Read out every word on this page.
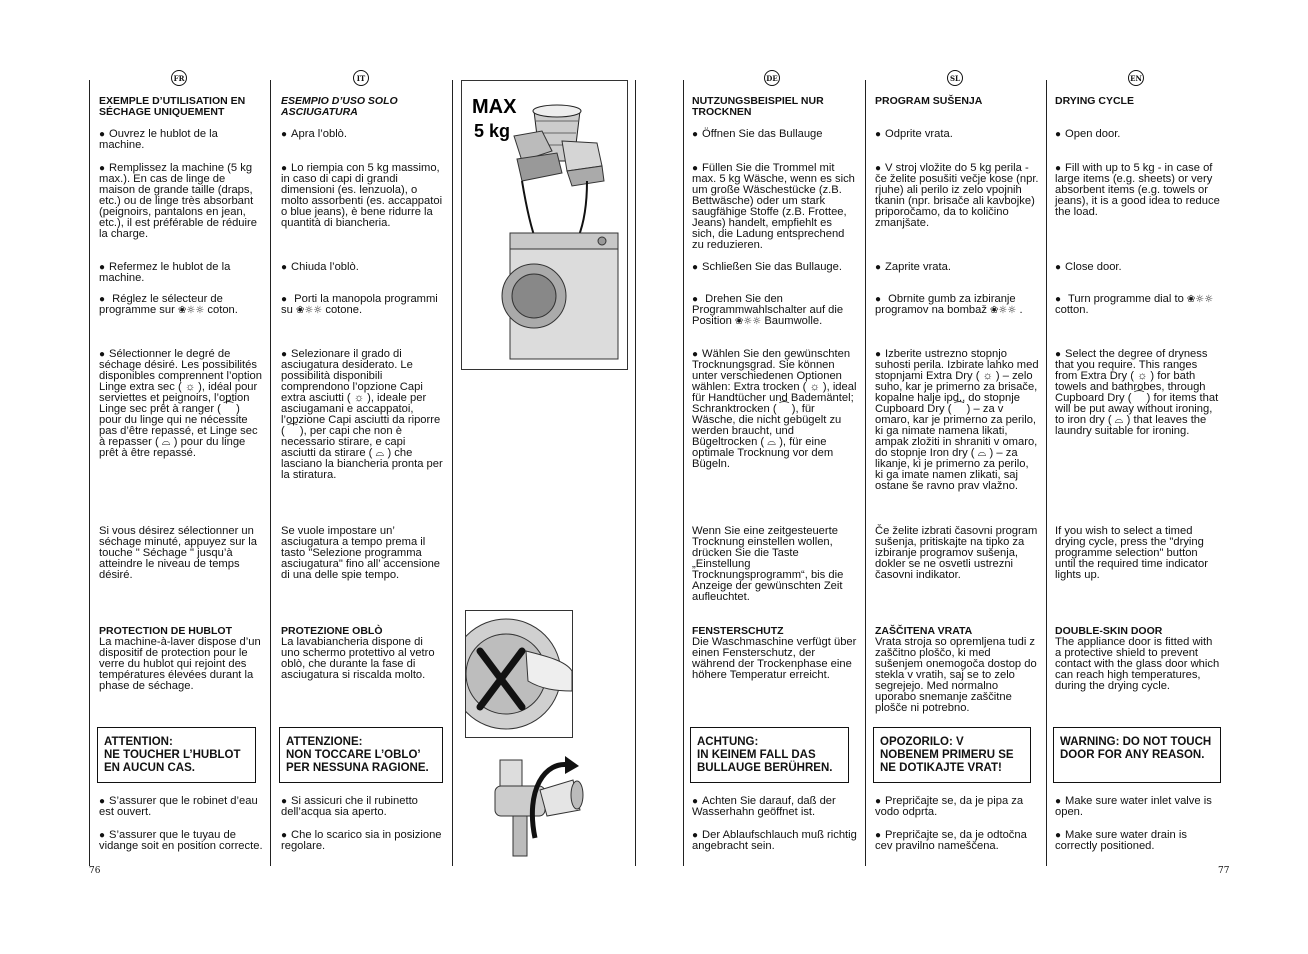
FR	IT	DE	SL	EN
76	77
EXEMPLE D’UTILISATION EN SÉCHAGE UNIQUEMENT
● Ouvrez le hublot de la machine.
● Remplissez la machine (5 kg max.). En cas de linge de maison de grande taille (draps, etc.) ou de linge très absorbant (peignoirs, pantalons en jean, etc.), il est préférable de réduire la charge.
● Refermez le hublot de la machine.
● Réglez le sélecteur de programme sur ❀☼☼ coton.
● Sélectionner le degré de séchage désiré. Les possibilités disponibles comprennent l’option Linge extra sec ( ☼ ), idéal pour serviettes et peignoirs, l’option Linge sec prêt à ranger ( ⁀ ) pour du linge qui ne nécessite pas d’être repassé, et Linge sec à repasser ( ⌓ ) pour du linge prêt à être repassé.
Si vous désirez sélectionner un séchage minuté, appuyez sur la touche " Séchage " jusqu’à atteindre le niveau de temps désiré.
PROTECTION DE HUBLOT
La machine-à-laver dispose d’un dispositif de protection pour le verre du hublot qui rejoint des températures élevées durant la phase de séchage.
ATTENTION:
NE TOUCHER L’HUBLOT EN AUCUN CAS.
● S’assurer que le robinet d’eau est ouvert.
● S’assurer que le tuyau de vidange soit en position correcte.
ESEMPIO D’USO SOLO ASCIUGATURA
● Apra l’oblò.
● Lo riempia con 5 kg massimo, in caso di capi di grandi dimensioni (es. lenzuola), o molto assorbenti (es. accappatoi o blue jeans), è bene ridurre la quantità di biancheria.
● Chiuda l’oblò.
● Porti la manopola programmi su ❀☼☼ cotone.
● Selezionare il grado di asciugatura desiderato. Le possibilità disponibili comprendono l’opzione Capi extra asciutti ( ☼ ), ideale per asciugamani e accappatoi, l’opzione Capi asciutti da riporre ( ⁀ ), per capi che non è necessario stirare, e capi asciutti da stirare ( ⌓ ) che lasciano la biancheria pronta per la stiratura.
Se vuole impostare un’ asciugatura a tempo prema il tasto "Selezione programma asciugatura" fino all’ accensione di una delle spie tempo.
PROTEZIONE OBLÒ
La lavabiancheria dispone di uno schermo protettivo al vetro oblò, che durante la fase di asciugatura si riscalda molto.
ATTENZIONE:
NON TOCCARE L’OBLO’ PER NESSUNA RAGIONE.
● Si assicuri che il rubinetto dell’acqua sia aperto.
● Che lo scarico sia in posizione regolare.
MAX
5 kg
NUTZUNGSBEISPIEL NUR TROCKNEN
● Öffnen Sie das Bullauge
● Füllen Sie die Trommel mit max. 5 kg Wäsche, wenn es sich um große Wäschestücke (z.B. Bettwäsche) oder um stark saugfähige Stoffe (z.B. Frottee, Jeans) handelt, empfiehlt es sich, die Ladung entsprechend zu reduzieren.
● Schließen Sie das Bullauge.
● Drehen Sie den Programmwahlschalter auf die Position ❀☼☼ Baumwolle.
● Wählen Sie den gewünschten Trocknungsgrad. Sie können unter verschiedenen Optionen wählen: Extra trocken ( ☼ ), ideal für Handtücher und Bademäntel; Schranktrocken ( ⁀ ), für Wäsche, die nicht gebügelt zu werden braucht, und Bügeltrocken ( ⌓ ), für eine optimale Trocknung vor dem Bügeln.
Wenn Sie eine zeitgesteuerte Trocknung einstellen wollen, drücken Sie die Taste „Einstellung Trocknungsprogramm“, bis die Anzeige der gewünschten Zeit aufleuchtet.
FENSTERSCHUTZ
Die Waschmaschine verfügt über einen Fensterschutz, der während der Trockenphase eine höhere Temperatur erreicht.
ACHTUNG:
IN KEINEM FALL DAS BULLAUGE BERÜHREN.
● Achten Sie darauf, daß der Wasserhahn geöffnet ist.
● Der Ablaufschlauch muß richtig angebracht sein.
PROGRAM SUŠENJA
● Odprite vrata.
● V stroj vložite do 5 kg perila - če želite posušiti večje kose (npr. rjuhe) ali perilo iz zelo vpojnih tkanin (npr. brisače ali kavbojke) priporočamo, da to količino zmanjšate.
● Zaprite vrata.
● Obrnite gumb za izbiranje programov na bombaž ❀☼☼ .
● Izberite ustrezno stopnjo suhosti perila. Izbirate lahko med stopnjami Extra Dry ( ☼ ) – zelo suho, kar je primerno za brisače, kopalne halje ipd., do stopnje Cupboard Dry ( ⁀ ) – za v omaro, kar je primerno za perilo, ki ga nimate namena likati, ampak zložiti in shraniti v omaro, do stopnje Iron dry ( ⌓ ) – za likanje, ki je primerno za perilo, ki ga imate namen zlikati, saj ostane še ravno prav vlažno.
Če želite izbrati časovni program sušenja, pritiskajte na tipko za izbiranje programov sušenja, dokler se ne osvetli ustrezni časovni indikator.
ZAŠČITENA VRATA
Vrata stroja so opremljena tudi z zaščitno ploščo, ki med sušenjem onemogoča dostop do stekla v vratih, saj se to zelo segrejejo. Med normalno uporabo snemanje zaščitne plošče ni potrebno.
OPOZORILO: V NOBENEM PRIMERU SE NE DOTIKAJTE VRAT!
● Prepričajte se, da je pipa za vodo odprta.
● Prepričajte se, da je odtočna cev pravilno nameščena.
DRYING CYCLE
● Open door.
● Fill with up to 5 kg - in case of large items (e.g. sheets) or very absorbent items (e.g. towels or jeans), it is a good idea to reduce the load.
● Close door.
● Turn programme dial to ❀☼☼ cotton.
● Select the degree of dryness that you require. This ranges from Extra Dry ( ☼ ) for bath towels and bathrobes, through Cupboard Dry ( ⁀ ) for items that will be put away without ironing, to iron dry ( ⌓ ) that leaves the laundry suitable for ironing.
If you wish to select a timed drying cycle, press the "drying programme selection" button until the required time indicator lights up.
DOUBLE-SKIN DOOR
The appliance door is fitted with a protective shield to prevent contact with the glass door which can reach high temperatures, during the drying cycle.
WARNING: DO NOT TOUCH DOOR FOR ANY REASON.
● Make sure water inlet valve is open.
● Make sure water drain is correctly positioned.
